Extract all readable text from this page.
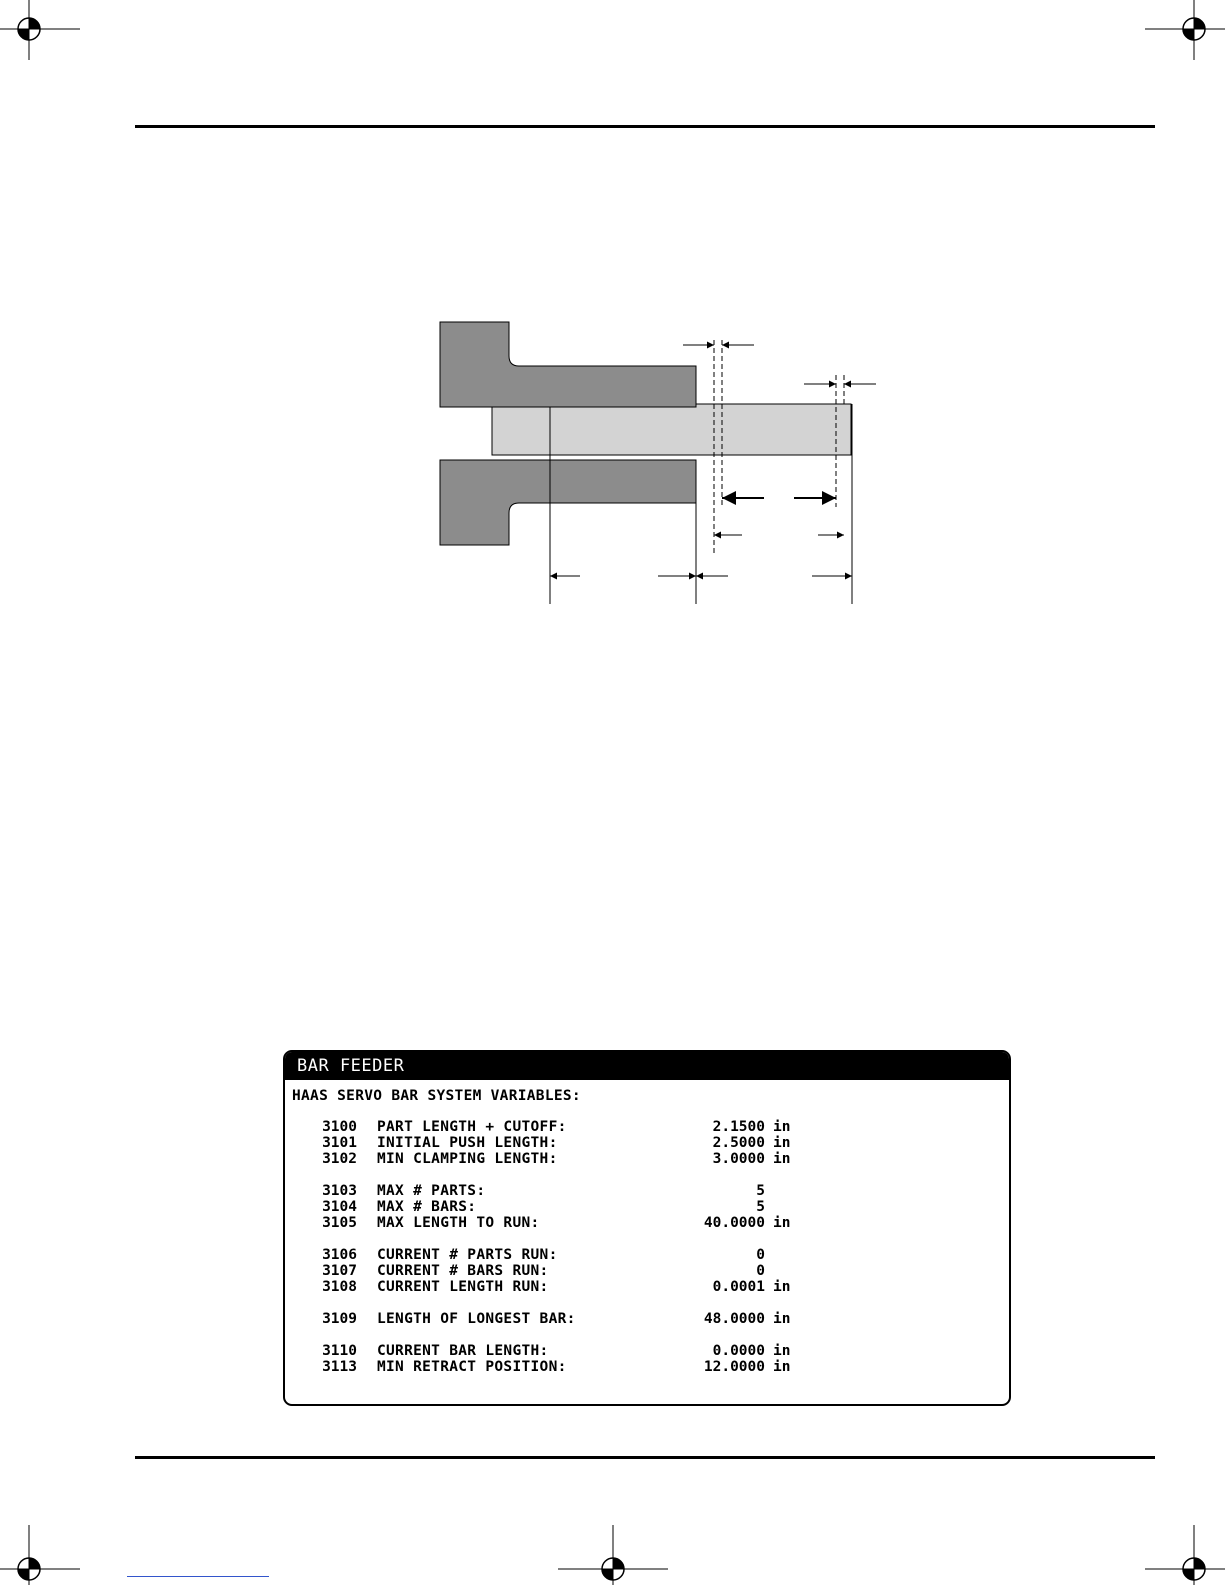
BAR FEEDER
HAAS SERVO BAR SYSTEM VARIABLES:
3100 PART LENGTH + CUTOFF:	2.1500 in
3101 INITIAL PUSH LENGTH:	2.5000 in
3102 MIN CLAMPING LENGTH:	3.0000 in
3103 MAX # PARTS:	5
3104 MAX # BARS:	5
3105 MAX LENGTH TO RUN:	40.0000 in
3106 CURRENT # PARTS RUN:	0
3107 CURRENT # BARS RUN:	0
3108 CURRENT LENGTH RUN:	0.0001 in
3109 LENGTH OF LONGEST BAR:	48.0000 in
3110 CURRENT BAR LENGTH:	0.0000 in
3113 MIN RETRACT POSITION:	12.0000 in
